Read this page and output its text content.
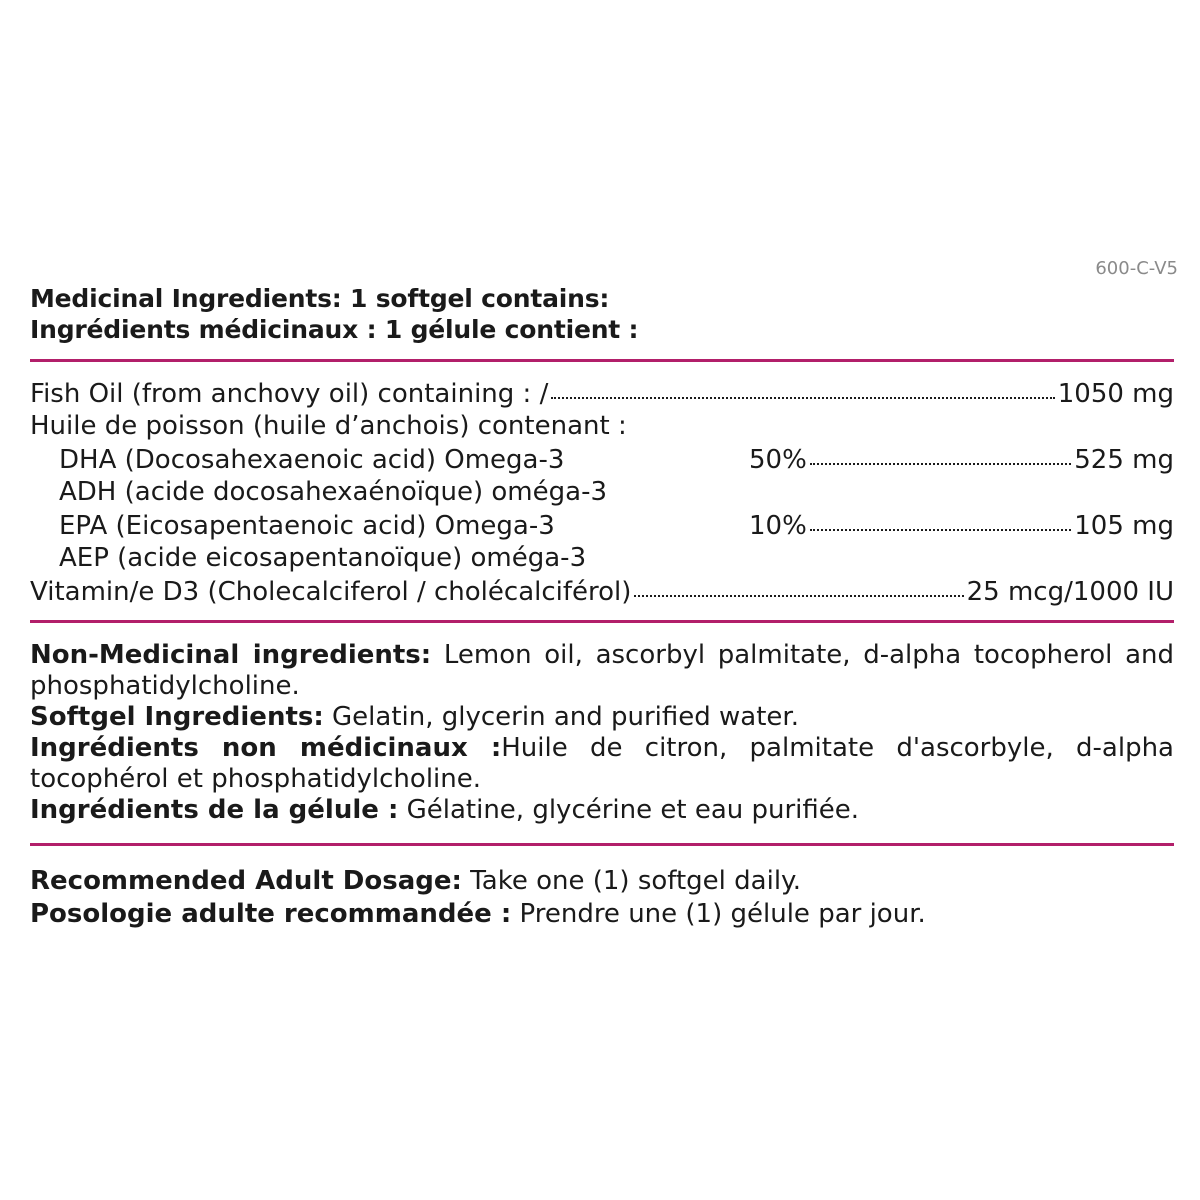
600-C-V5
Medicinal Ingredients: 1 softgel contains:
Ingrédients médicinaux : 1 gélule contient :
Fish Oil (from anchovy oil) containing : /	1050 mg
Huile de poisson (huile d’anchois) contenant :
DHA (Docosahexaenoic acid) Omega-3	50%	525 mg
ADH (acide docosahexaénoïque) oméga-3
EPA (Eicosapentaenoic acid) Omega-3	10%	105 mg
AEP (acide eicosapentanoïque) oméga-3
Vitamin/e D3 (Cholecalciferol / cholécalciférol)	25 mcg/1000 IU

Non-Medicinal ingredients: Lemon oil, ascorbyl palmitate, d-alpha tocopherol and phosphatidylcholine.

Softgel Ingredients: Gelatin, glycerin and purified water.

Ingrédients non médicinaux :Huile de citron, palmitate d'ascorbyle, d-alpha tocophérol et phosphatidylcholine.

Ingrédients de la gélule : Gélatine, glycérine et eau purifiée.

Recommended Adult Dosage: Take one (1) softgel daily.

Posologie adulte recommandée : Prendre une (1) gélule par jour.
